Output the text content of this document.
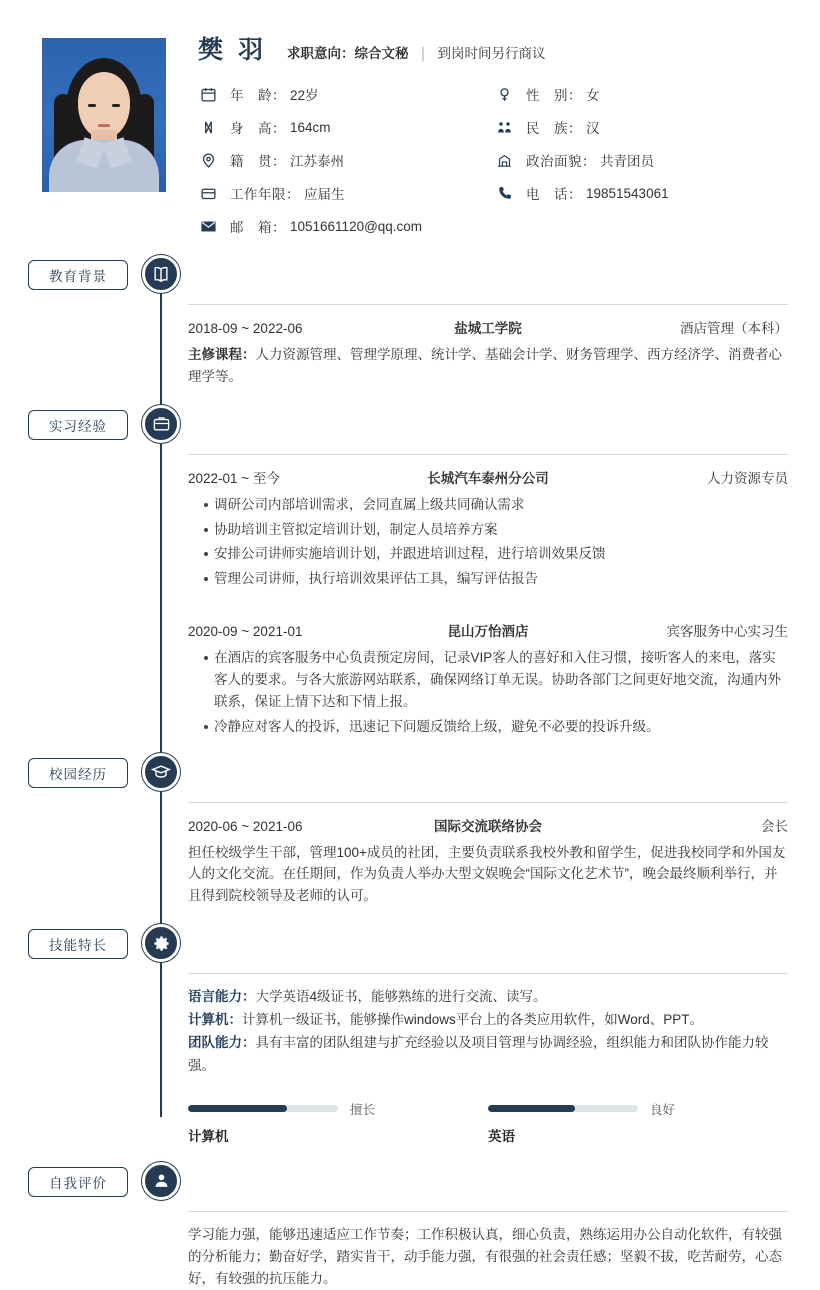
樊 羽 求职意向：综合文秘 | 到岗时间另行商议
年　龄： 22岁	性　别： 女
身　高： 164cm	民　族： 汉
籍　贯： 江苏泰州	政治面貌： 共青团员
工作年限： 应届生	电　话： 19851543061
邮　箱： 1051661120@qq.com
教育背景
2018-09 ~ 2022-06	盐城工学院	酒店管理（本科）
主修课程：人力资源管理、管理学原理、统计学、基础会计学、财务管理学、西方经济学、消费者心理学等。
实习经验
2022-01 ~ 至今	长城汽车泰州分公司	人力资源专员
调研公司内部培训需求，会同直属上级共同确认需求
协助培训主管拟定培训计划，制定人员培养方案
安排公司讲师实施培训计划，并跟进培训过程，进行培训效果反馈
管理公司讲师，执行培训效果评估工具，编写评估报告
2020-09 ~ 2021-01	昆山万怡酒店	宾客服务中心实习生
在酒店的宾客服务中心负责预定房间，记录VIP客人的喜好和入住习惯，接听客人的来电，落实客人的要求。与各大旅游网站联系，确保网络订单无误。协助各部门之间更好地交流，沟通内外联系，保证上情下达和下情上报。
冷静应对客人的投诉，迅速记下问题反馈给上级，避免不必要的投诉升级。
校园经历
2020-06 ~ 2021-06	国际交流联络协会	会长
担任校级学生干部，管理100+成员的社团，主要负责联系我校外教和留学生，促进我校同学和外国友人的文化交流。在任期间，作为负责人举办大型文娱晚会“国际文化艺术节”，晚会最终顺利举行，并且得到院校领导及老师的认可。
技能特长
语言能力：大学英语4级证书，能够熟练的进行交流、读写。
计算机：计算机一级证书，能够操作windows平台上的各类应用软件，如Word、PPT。
团队能力：具有丰富的团队组建与扩充经验以及项目管理与协调经验，组织能力和团队协作能力较强。
擅长
计算机
良好
英语
自我评价
学习能力强，能够迅速适应工作节奏；工作积极认真，细心负责，熟练运用办公自动化软件，有较强的分析能力；勤奋好学，踏实肯干，动手能力强，有很强的社会责任感；坚毅不拔，吃苦耐劳，心态好，有较强的抗压能力。
